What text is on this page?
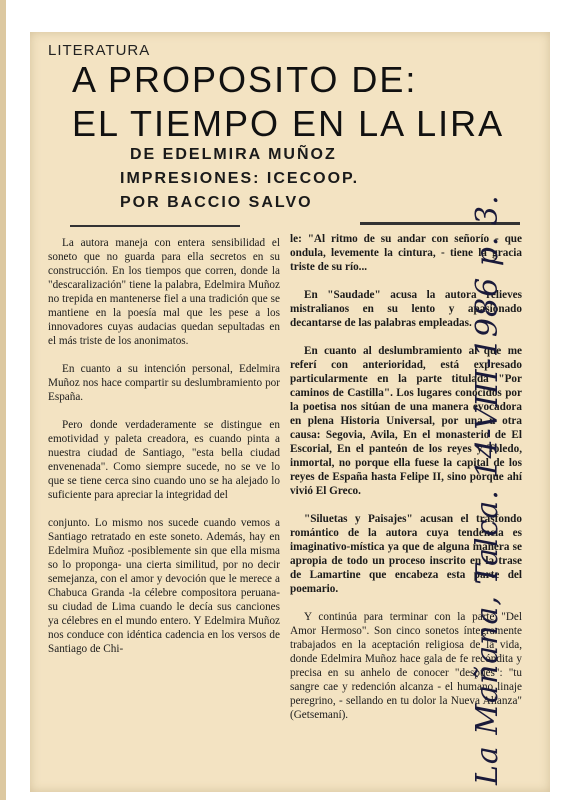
LITERATURA
A PROPOSITO DE:
EL TIEMPO EN LA LIRA
DE EDELMIRA MUÑOZ
IMPRESIONES: ICECOOP.
POR BACCIO SALVO

La autora maneja con entera sensibilidad el soneto que no guarda para ella secretos en su construcción. En los tiempos que corren, donde la "descaralización" tiene la palabra, Edelmira Muñoz no trepida en mantenerse fiel a una tradición que se mantiene en la poesía mal que les pese a los innovadores cuyas audacias quedan sepultadas en el más triste de los anonimatos.

En cuanto a su intención personal, Edelmira Muñoz nos hace compartir su deslumbramiento por España.

Pero donde verdaderamente se distingue en emotividad y paleta creadora, es cuando pinta a nuestra ciudad de Santiago, "esta bella ciudad envenenada". Como siempre sucede, no se ve lo que se tiene cerca sino cuando uno se ha alejado lo suficiente para apreciar la integridad del

conjunto. Lo mismo nos sucede cuando vemos a Santiago retratado en este soneto. Además, hay en Edelmira Muñoz -posiblemente sin que ella misma so lo proponga- una cierta similitud, por no decir semejanza, con el amor y devoción que le merece a Chabuca Granda -la célebre compositora peruana- su ciudad de Lima cuando le decía sus canciones ya célebres en el mundo entero. Y Edelmira Muñoz nos conduce con idéntica cadencia en los versos de Santiago de Chi-

le: "Al ritmo de su andar con señorío - que ondula, levemente la cintura, - tiene la gracia triste de su río...

En "Saudade" acusa la autora relieves mistralianos en su lento y apasionado decantarse de las palabras empleadas.

En cuanto al deslumbramiento al que me referí con anterioridad, está expresado particularmente en la parte titulada "Por caminos de Castilla". Los lugares conocidos por la poetisa nos sitúan de una manera evocadora en plena Historia Universal, por una u otra causa: Segovia, Avila, En el monasterio de El Escorial, En el panteón de los reyes y Toledo, inmortal, no porque ella fuese la capital de los reyes de España hasta Felipe II, sino porque ahí vivió El Greco.

"Siluetas y Paisajes" acusan el trasfondo romántico de la autora cuya tendencia es imaginativo-mística ya que de alguna manera se apropia de todo un proceso inscrito en la trase de Lamartine que encabeza esta parte del poemario.

Y continúa para terminar con la parte "Del Amor Hermoso". Son cinco sonetos íntegramente trabajados en la aceptación religiosa de la vida, donde Edelmira Muñoz hace gala de fe recóndita y precisa en su anhelo de conocer "después": "tu sangre cae y redención alcanza - el humano linaje peregrino, - sellando en tu dolor la Nueva Alianza" (Getsemaní).	La Mañana, Talca. 14-VIII-1986 p. 3.
